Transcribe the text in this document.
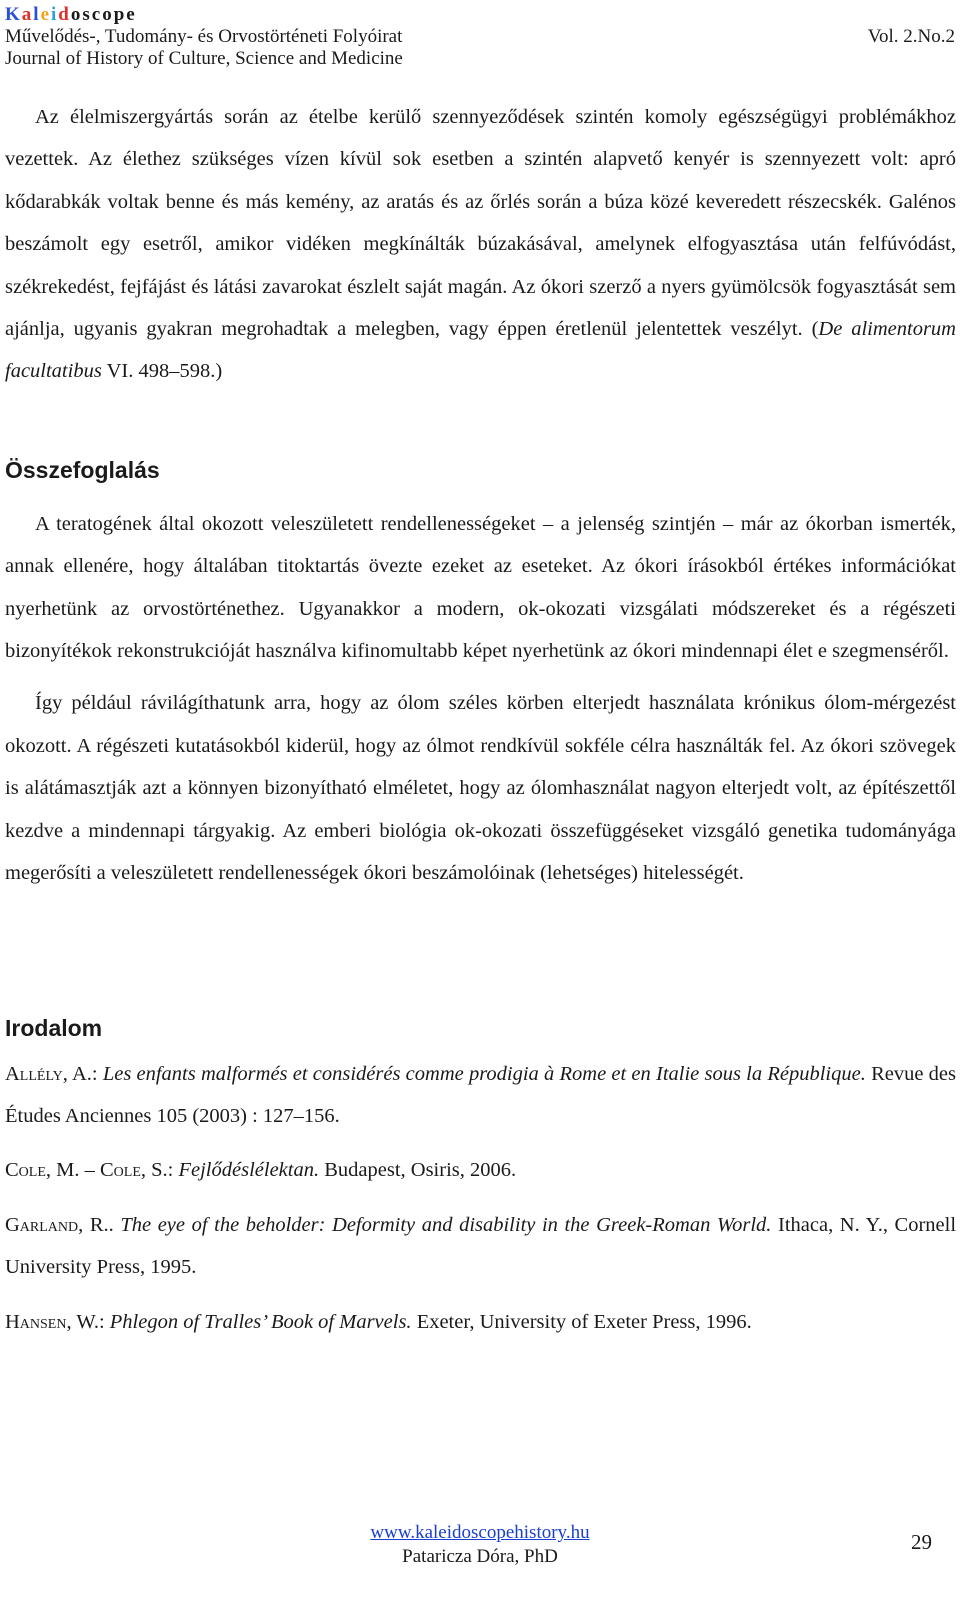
Kaleidoscope
Művelődés-, Tudomány- és Orvostörténeti Folyóirat	Vol. 2.No.2
Journal of History of Culture, Science and Medicine

Az élelmiszergyártás során az ételbe kerülő szennyeződések szintén komoly egészségügyi problémákhoz vezettek. Az élethez szükséges vízen kívül sok esetben a szintén alapvető kenyér is szennyezett volt: apró kődarabkák voltak benne és más kemény, az aratás és az őrlés során a búza közé keveredett részecskék. Galénos beszámolt egy esetről, amikor vidéken megkínálták búzakásával, amelynek elfogyasztása után felfúvódást, székrekedést, fejfájást és látási zavarokat észlelt saját magán. Az ókori szerző a nyers gyümölcsök fogyasztását sem ajánlja, ugyanis gyakran megrohadtak a melegben, vagy éppen éretlenül jelentettek veszélyt. (De alimentorum facultatibus VI. 498–598.)

Összefoglalás

A teratogének által okozott veleszületett rendellenességeket – a jelenség szintjén – már az ókorban ismerték, annak ellenére, hogy általában titoktartás övezte ezeket az eseteket. Az ókori írásokból értékes információkat nyerhetünk az orvostörténethez. Ugyanakkor a modern, ok-okozati vizsgálati módszereket és a régészeti bizonyítékok rekonstrukcióját használva kifinomultabb képet nyerhetünk az ókori mindennapi élet e szegmenséről.

Így például rávilágíthatunk arra, hogy az ólom széles körben elterjedt használata krónikus ólom-mérgezést okozott. A régészeti kutatásokból kiderül, hogy az ólmot rendkívül sokféle célra használták fel. Az ókori szövegek is alátámasztják azt a könnyen bizonyítható elméletet, hogy az ólomhasználat nagyon elterjedt volt, az építészettől kezdve a mindennapi tárgyakig. Az emberi biológia ok-okozati összefüggéseket vizsgáló genetika tudományága megerősíti a veleszületett rendellenességek ókori beszámolóinak (lehetséges) hitelességét.

Irodalom

Allély, A.: Les enfants malformés et considérés comme prodigia à Rome et en Italie sous la République. Revue des Études Anciennes 105 (2003) : 127–156.

Cole, M. – Cole, S.: Fejlődéslélektan. Budapest, Osiris, 2006.

Garland, R.. The eye of the beholder: Deformity and disability in the Greek-Roman World. Ithaca, N. Y., Cornell University Press, 1995.

Hansen, W.: Phlegon of Tralles’ Book of Marvels. Exeter, University of Exeter Press, 1996.

www.kaleidoscopehistory.hu
Pataricza Dóra, PhD
29
